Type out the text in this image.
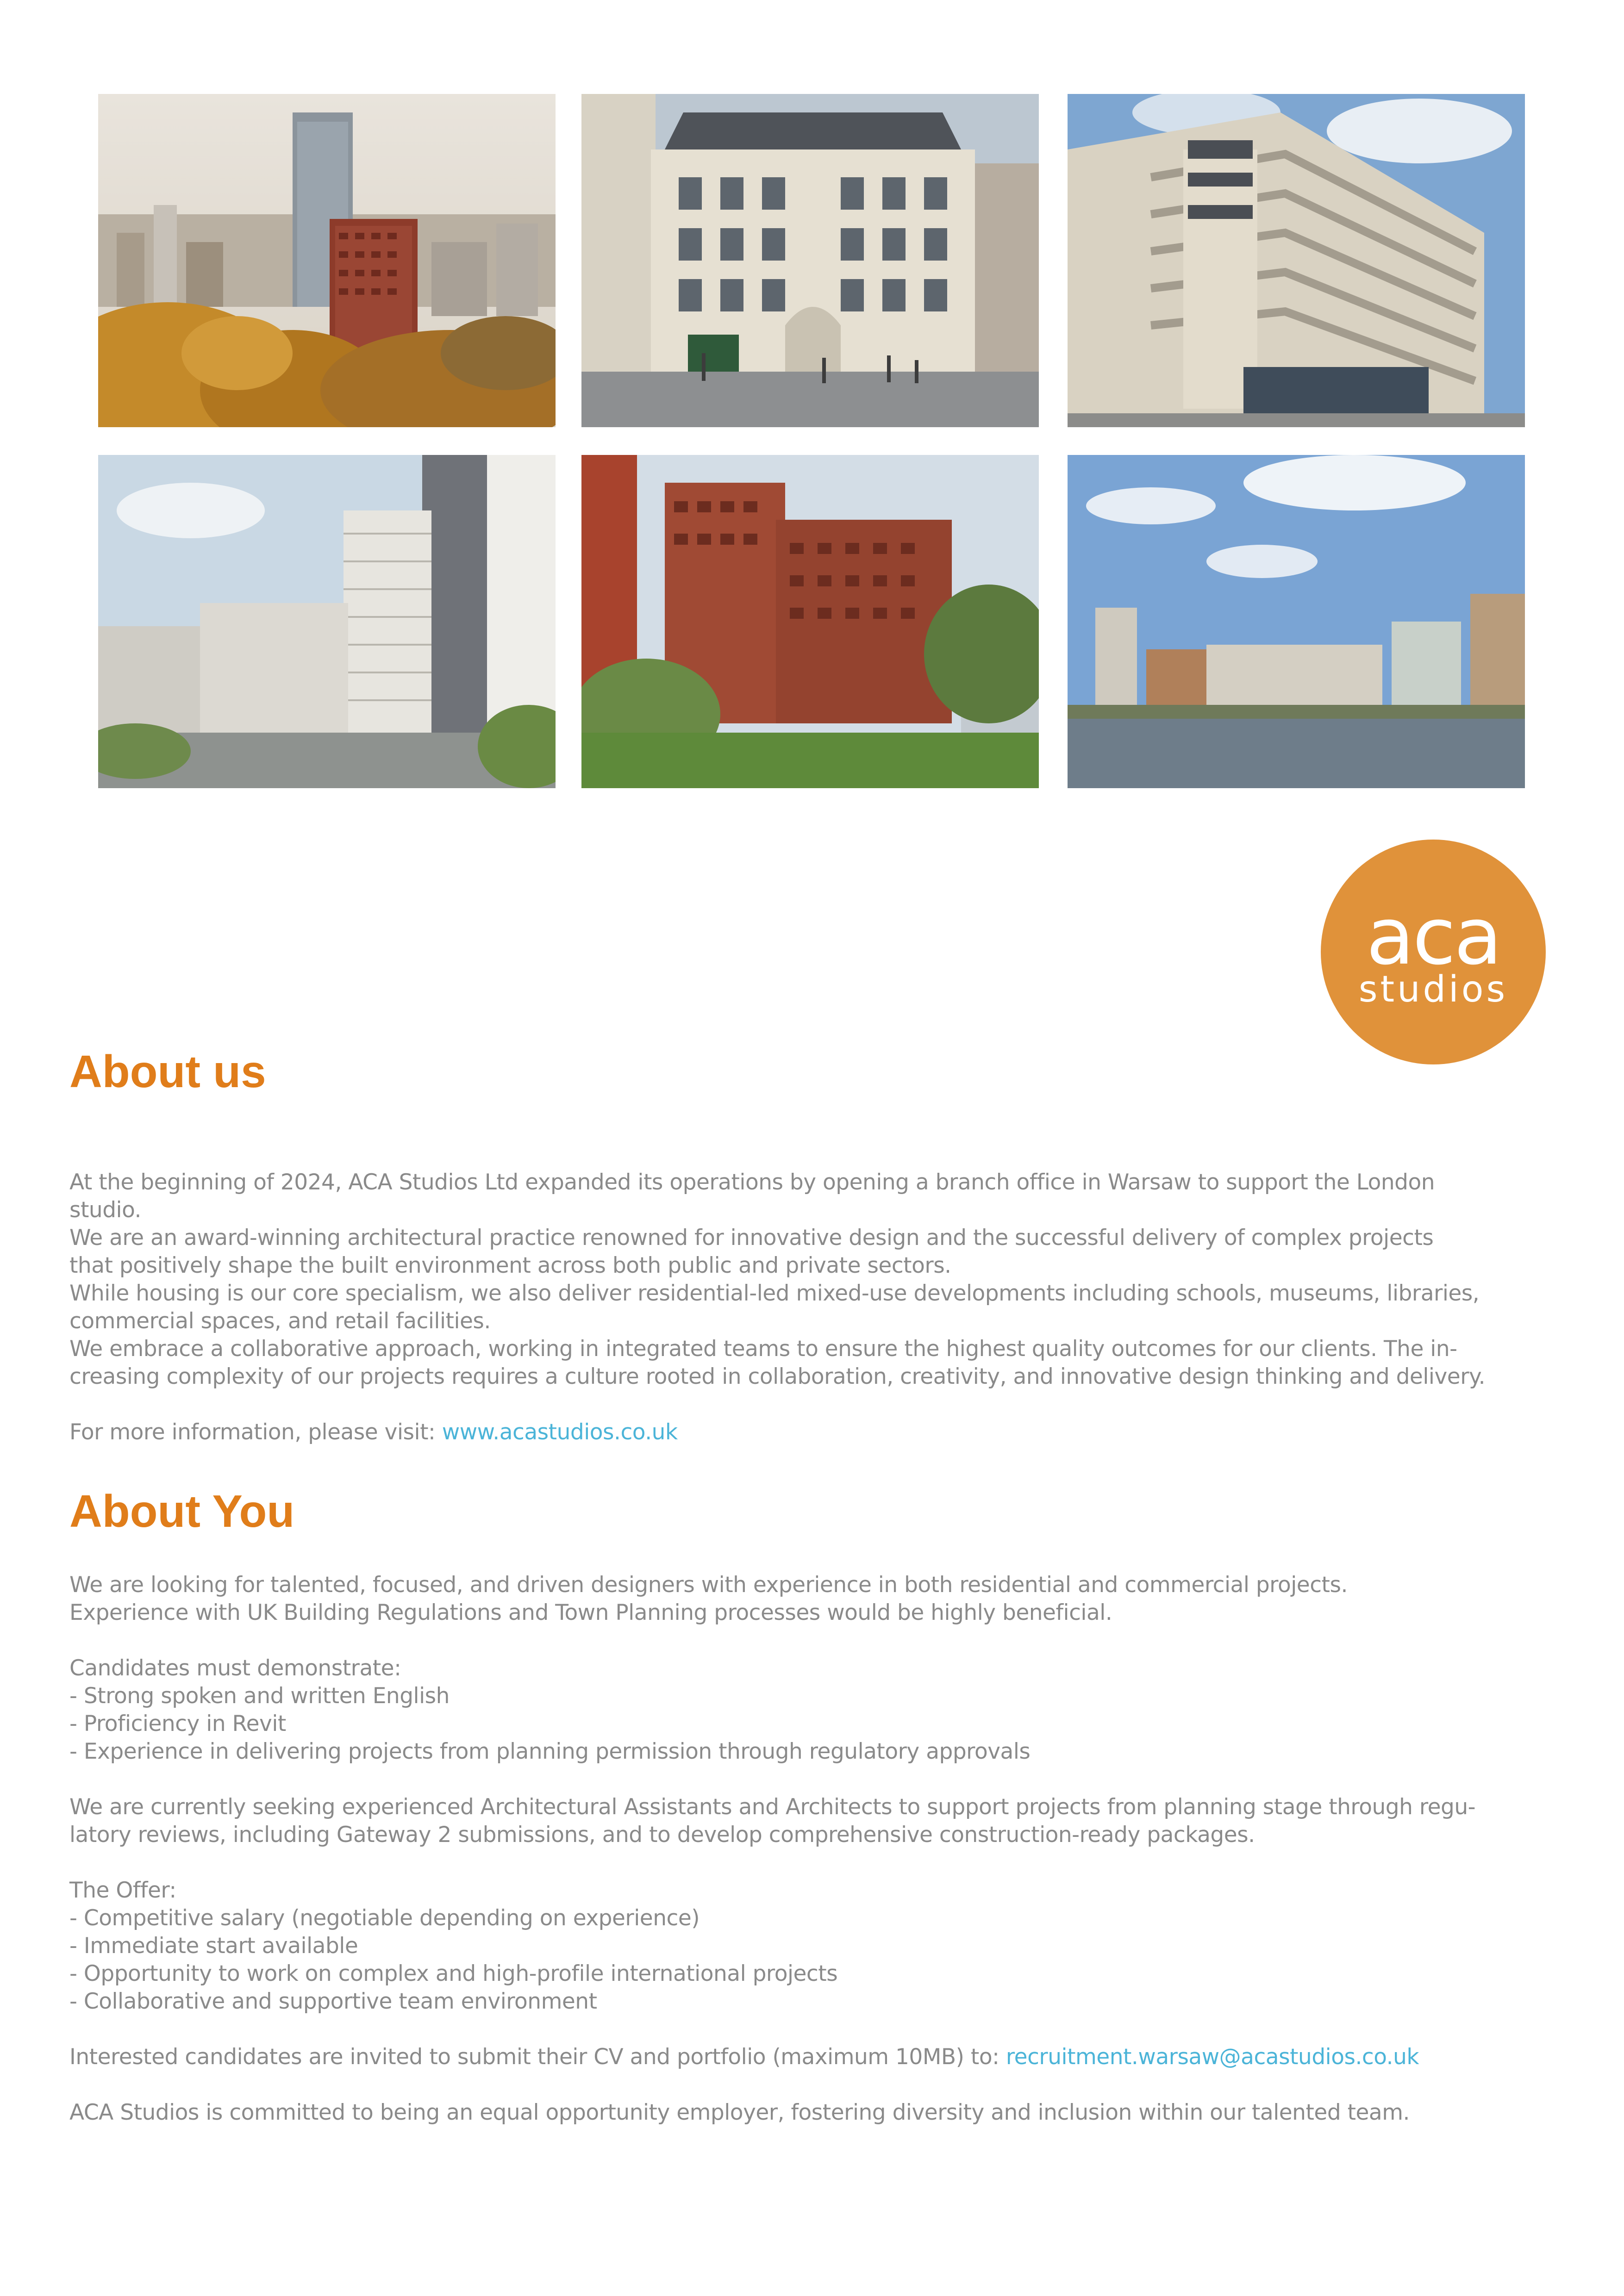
aca
studios
About us
At the beginning of 2024, ACA Studios Ltd expanded its operations by opening a branch office in Warsaw to support the London
studio.
We are an award-winning architectural practice renowned for innovative design and the successful delivery of complex projects
that positively shape the built environment across both public and private sectors.
While housing is our core specialism, we also deliver residential-led mixed-use developments including schools, museums, libraries,
commercial spaces, and retail facilities.
We embrace a collaborative approach, working in integrated teams to ensure the highest quality outcomes for our clients. The in-
creasing complexity of our projects requires a culture rooted in collaboration, creativity, and innovative design thinking and delivery.
For more information, please visit: www.acastudios.co.uk
About You
We are looking for talented, focused, and driven designers with experience in both residential and commercial projects.
Experience with UK Building Regulations and Town Planning processes would be highly beneficial.
Candidates must demonstrate:
- Strong spoken and written English
- Proficiency in Revit
- Experience in delivering projects from planning permission through regulatory approvals
We are currently seeking experienced Architectural Assistants and Architects to support projects from planning stage through regu-
latory reviews, including Gateway 2 submissions, and to develop comprehensive construction-ready packages.
The Offer:
- Competitive salary (negotiable depending on experience)
- Immediate start available
- Opportunity to work on complex and high-profile international projects
- Collaborative and supportive team environment
Interested candidates are invited to submit their CV and portfolio (maximum 10MB) to: recruitment.warsaw@acastudios.co.uk
ACA Studios is committed to being an equal opportunity employer, fostering diversity and inclusion within our talented team.
